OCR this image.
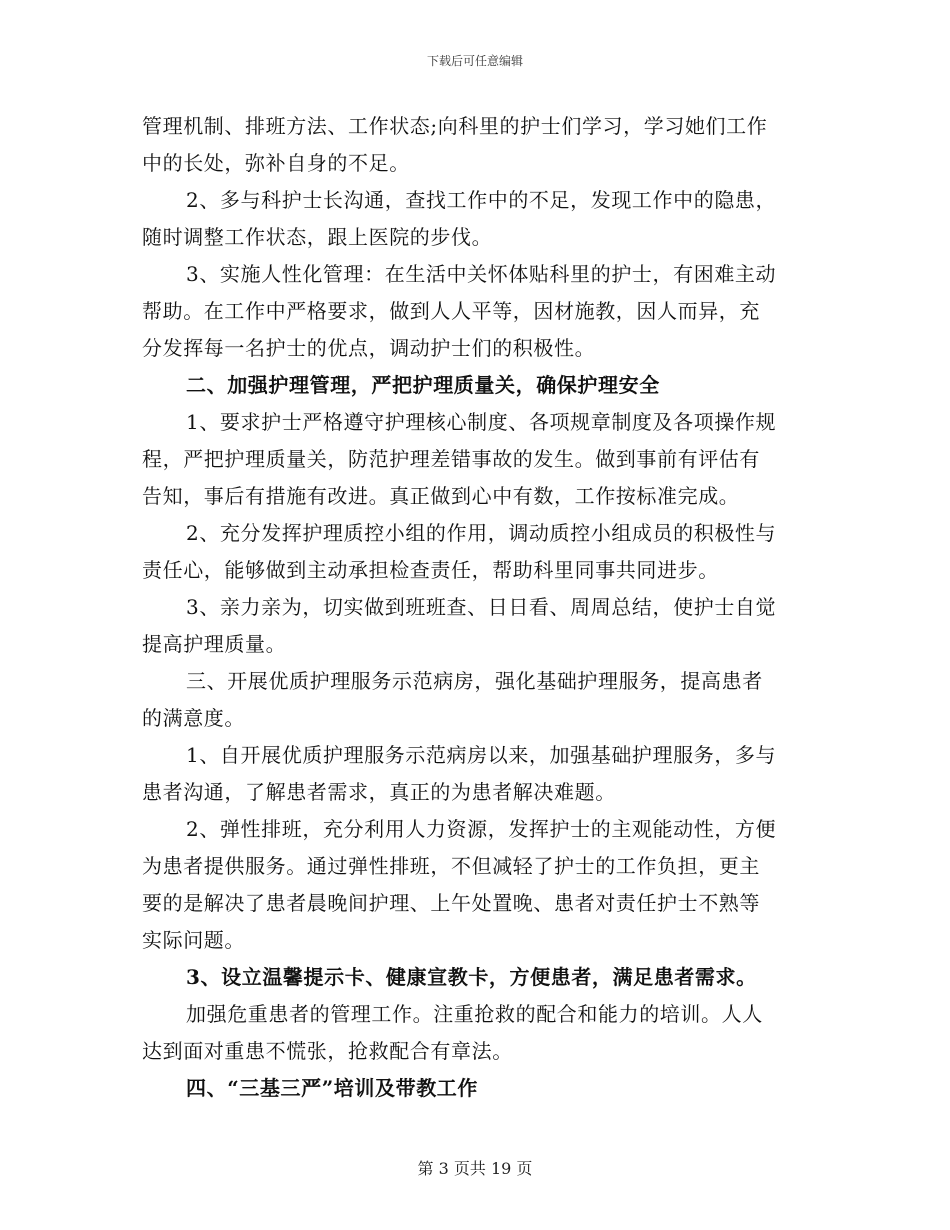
下载后可任意编辑
管理机制、排班方法、工作状态;向科里的护士们学习，学习她们工作
中的长处，弥补自身的不足。
2、多与科护士长沟通，查找工作中的不足，发现工作中的隐患，
随时调整工作状态，跟上医院的步伐。
3、实施人性化管理：在生活中关怀体贴科里的护士，有困难主动
帮助。在工作中严格要求，做到人人平等，因材施教，因人而异，充
分发挥每一名护士的优点，调动护士们的积极性。
二、加强护理管理，严把护理质量关，确保护理安全
1、要求护士严格遵守护理核心制度、各项规章制度及各项操作规
程，严把护理质量关，防范护理差错事故的发生。做到事前有评估有
告知，事后有措施有改进。真正做到心中有数，工作按标准完成。
2、充分发挥护理质控小组的作用，调动质控小组成员的积极性与
责任心，能够做到主动承担检查责任，帮助科里同事共同进步。
3、亲力亲为，切实做到班班查、日日看、周周总结，使护士自觉
提高护理质量。
三、开展优质护理服务示范病房，强化基础护理服务，提高患者
的满意度。
1、自开展优质护理服务示范病房以来，加强基础护理服务，多与
患者沟通，了解患者需求，真正的为患者解决难题。
2、弹性排班，充分利用人力资源，发挥护士的主观能动性，方便
为患者提供服务。通过弹性排班，不但减轻了护士的工作负担，更主
要的是解决了患者晨晚间护理、上午处置晚、患者对责任护士不熟等
实际问题。
3、设立温馨提示卡、健康宣教卡，方便患者，满足患者需求。
加强危重患者的管理工作。注重抢救的配合和能力的培训。人人
达到面对重患不慌张，抢救配合有章法。
四、“三基三严”培训及带教工作
第 3 页共 19 页
